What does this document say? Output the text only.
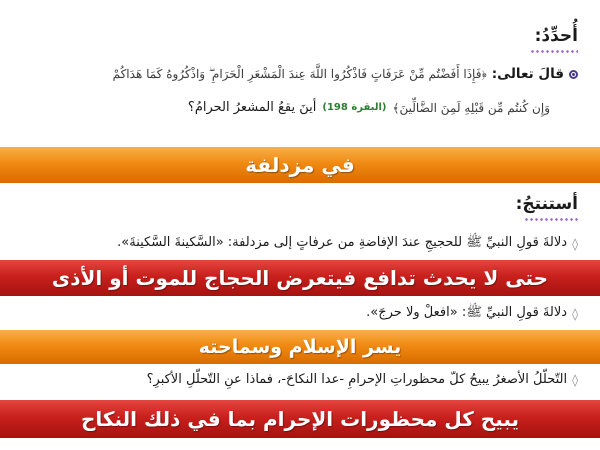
أُحدِّدُ:
قالَ تعالى:
﴿فَإِذَا أَفَضْتُم مِّنْ عَرَفَاتٍ فَاذْكُرُوا اللَّهَ عِندَ الْمَشْعَرِ الْحَرَامِ ۖ وَاذْكُرُوهُ كَمَا هَدَاكُمْ
وَإِن كُنتُم مِّن قَبْلِهِ لَمِنَ الضَّالِّينَ﴾
(البقرة 198)
أينَ يقعُ المشعرُ الحرامُ؟
في مزدلفة
أستنتجُ:
◊
دلالةَ قولِ النبيِّ ﷺ للحجيجِ عندَ الإفاضةِ من عرفاتٍ إلى مزدلفة: «السَّكينةَ السَّكينةَ».
حتى لا يحدث تدافع فيتعرض الحجاج للموت أو الأذى
◊
دلالةَ قولِ النبيِّ ﷺ: «افعلْ ولا حرجَ».
يسر الإسلام وسماحته
◊
التّحلّلُ الأصغرُ يبيحُ كلّ محظوراتِ الإحرامِ -عدا النكاحَ-، فماذا عنِ التّحلّلِ الأكبرِ؟
يبيح كل محظورات الإحرام بما في ذلك النكاح
